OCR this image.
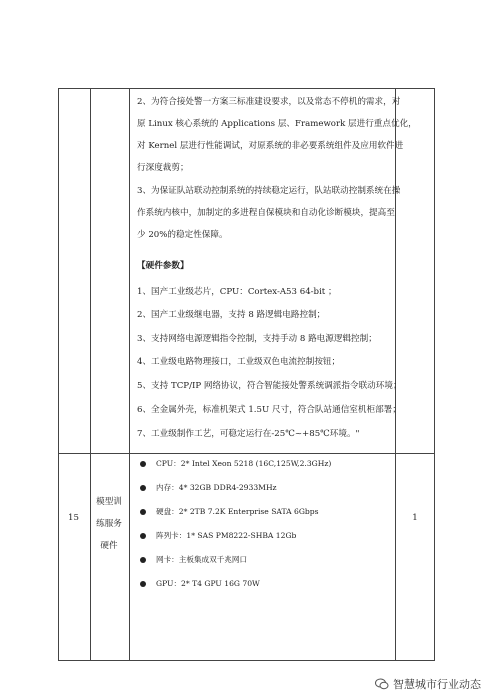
2、为符合接处警一方案三标准建设要求，以及常态不停机的需求，对
原 Linux 核心系统的 Applications 层、Framework 层进行重点优化，
对 Kernel 层进行性能调试，对原系统的非必要系统组件及应用软件进
行深度裁剪；
3、为保证队站联动控制系统的持续稳定运行，队站联动控制系统在操
作系统内核中，加制定的多进程自保模块和自动化诊断模块，提高至
少 20%的稳定性保障。
【硬件参数】
1、国产工业级芯片，CPU：Cortex-A53 64-bit ；
2、国产工业级继电器，支持 8 路逻辑电路控制；
3、支持网络电源逻辑指令控制，支持手动 8 路电源逻辑控制；
4、工业级电路物理接口，工业级双色电流控制按钮；
5、支持 TCP/IP 网络协议，符合智能接处警系统调派指令联动环境；
6、全金属外壳，标准机架式 1.5U 尺寸，符合队站通信室机柜部署；
7、工业级制作工艺，可稳定运行在-25℃~+85℃环境。"
15
模型训
练服务
硬件
CPU：2* Intel Xeon 5218 (16C,125W,2.3GHz)
内存：4* 32GB DDR4-2933MHz
硬盘：2* 2TB 7.2K Enterprise SATA 6Gbps
阵列卡：1* SAS PM8222-SHBA 12Gb
网卡：主板集成双千兆网口
GPU：2* T4 GPU 16G 70W
1
智慧城市行业动态
